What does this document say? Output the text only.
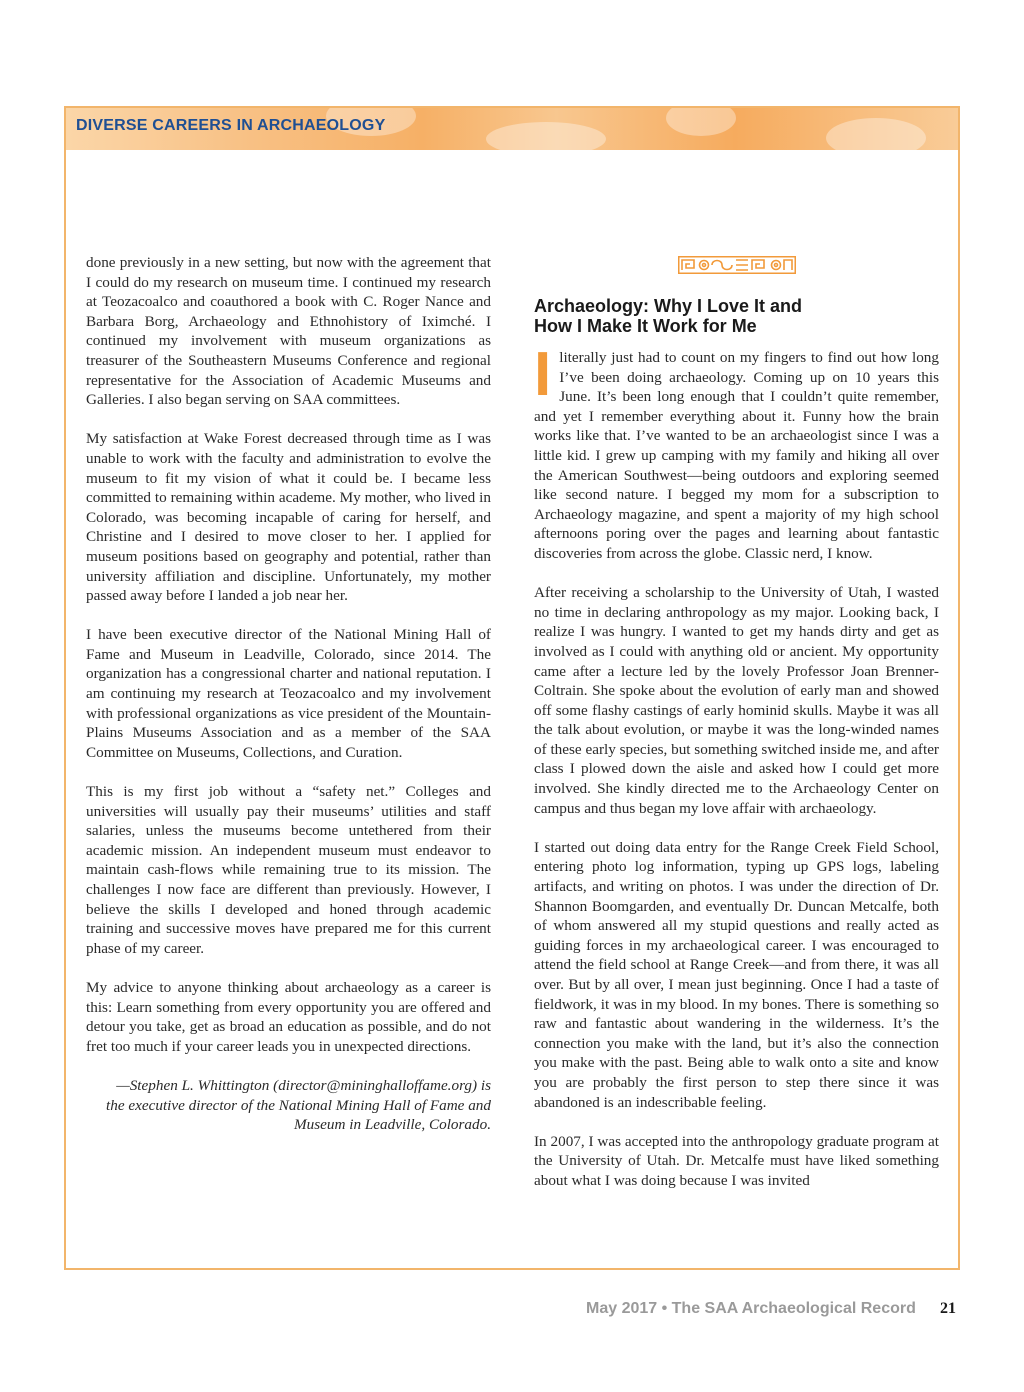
DIVERSE CAREERS IN ARCHAEOLOGY

done previously in a new setting, but now with the agreement that I could do my research on museum time. I continued my research at Teozacoalco and coauthored a book with C. Roger Nance and Barbara Borg, Archaeology and Ethnohistory of Iximché. I continued my involvement with museum organizations as treasurer of the Southeastern Museums Conference and regional representative for the Association of Academic Museums and Galleries. I also began serving on SAA committees.

My satisfaction at Wake Forest decreased through time as I was unable to work with the faculty and administration to evolve the museum to fit my vision of what it could be. I became less committed to remaining within academe. My mother, who lived in Colorado, was becoming incapable of caring for herself, and Christine and I desired to move closer to her. I applied for museum positions based on geography and potential, rather than university affiliation and discipline. Unfortunately, my mother passed away before I landed a job near her.

I have been executive director of the National Mining Hall of Fame and Museum in Leadville, Colorado, since 2014. The organization has a congressional charter and national reputation. I am continuing my research at Teozacoalco and my involvement with professional organizations as vice president of the Mountain-Plains Museums Association and as a member of the SAA Committee on Museums, Collections, and Curation.

This is my first job without a “safety net.” Colleges and universities will usually pay their museums’ utilities and staff salaries, unless the museums become untethered from their academic mission. An independent museum must endeavor to maintain cash-flows while remaining true to its mission. The challenges I now face are different than previously. However, I believe the skills I developed and honed through academic training and successive moves have prepared me for this current phase of my career.

My advice to anyone thinking about archaeology as a career is this: Learn something from every opportunity you are offered and detour you take, get as broad an education as possible, and do not fret too much if your career leads you in unexpected directions.

—Stephen L. Whittington (director@mininghalloffame.org) is
the executive director of the National Mining Hall of Fame and
Museum in Leadville, Colorado.
Archaeology: Why I Love It and
How I Make It Work for Me

Iliterally just had to count on my fingers to find out how long I’ve been doing archaeology. Coming up on 10 years this June. It’s been long enough that I couldn’t quite remember, and yet I remember everything about it. Funny how the brain works like that. I’ve wanted to be an archaeologist since I was a little kid. I grew up camping with my family and hiking all over the American Southwest—being outdoors and exploring seemed like second nature. I begged my mom for a subscription to Archaeology magazine, and spent a majority of my high school afternoons poring over the pages and learning about fantastic discoveries from across the globe. Classic nerd, I know.

After receiving a scholarship to the University of Utah, I wasted no time in declaring anthropology as my major. Looking back, I realize I was hungry. I wanted to get my hands dirty and get as involved as I could with anything old or ancient. My opportunity came after a lecture led by the lovely Professor Joan Brenner-Coltrain. She spoke about the evolution of early man and showed off some flashy castings of early hominid skulls. Maybe it was all the talk about evolution, or maybe it was the long-winded names of these early species, but something switched inside me, and after class I plowed down the aisle and asked how I could get more involved. She kindly directed me to the Archaeology Center on campus and thus began my love affair with archaeology.

I started out doing data entry for the Range Creek Field School, entering photo log information, typing up GPS logs, labeling artifacts, and writing on photos. I was under the direction of Dr. Shannon Boomgarden, and eventually Dr. Duncan Metcalfe, both of whom answered all my stupid questions and really acted as guiding forces in my archaeological career. I was encouraged to attend the field school at Range Creek—and from there, it was all over. But by all over, I mean just beginning. Once I had a taste of fieldwork, it was in my blood. In my bones. There is something so raw and fantastic about wandering in the wilderness. It’s the connection you make with the land, but it’s also the connection you make with the past. Being able to walk onto a site and know you are probably the first person to step there since it was abandoned is an indescribable feeling.

In 2007, I was accepted into the anthropology graduate program at the University of Utah. Dr. Metcalfe must have liked something about what I was doing because I was invited

May 2017 • The SAA Archaeological Record 21
